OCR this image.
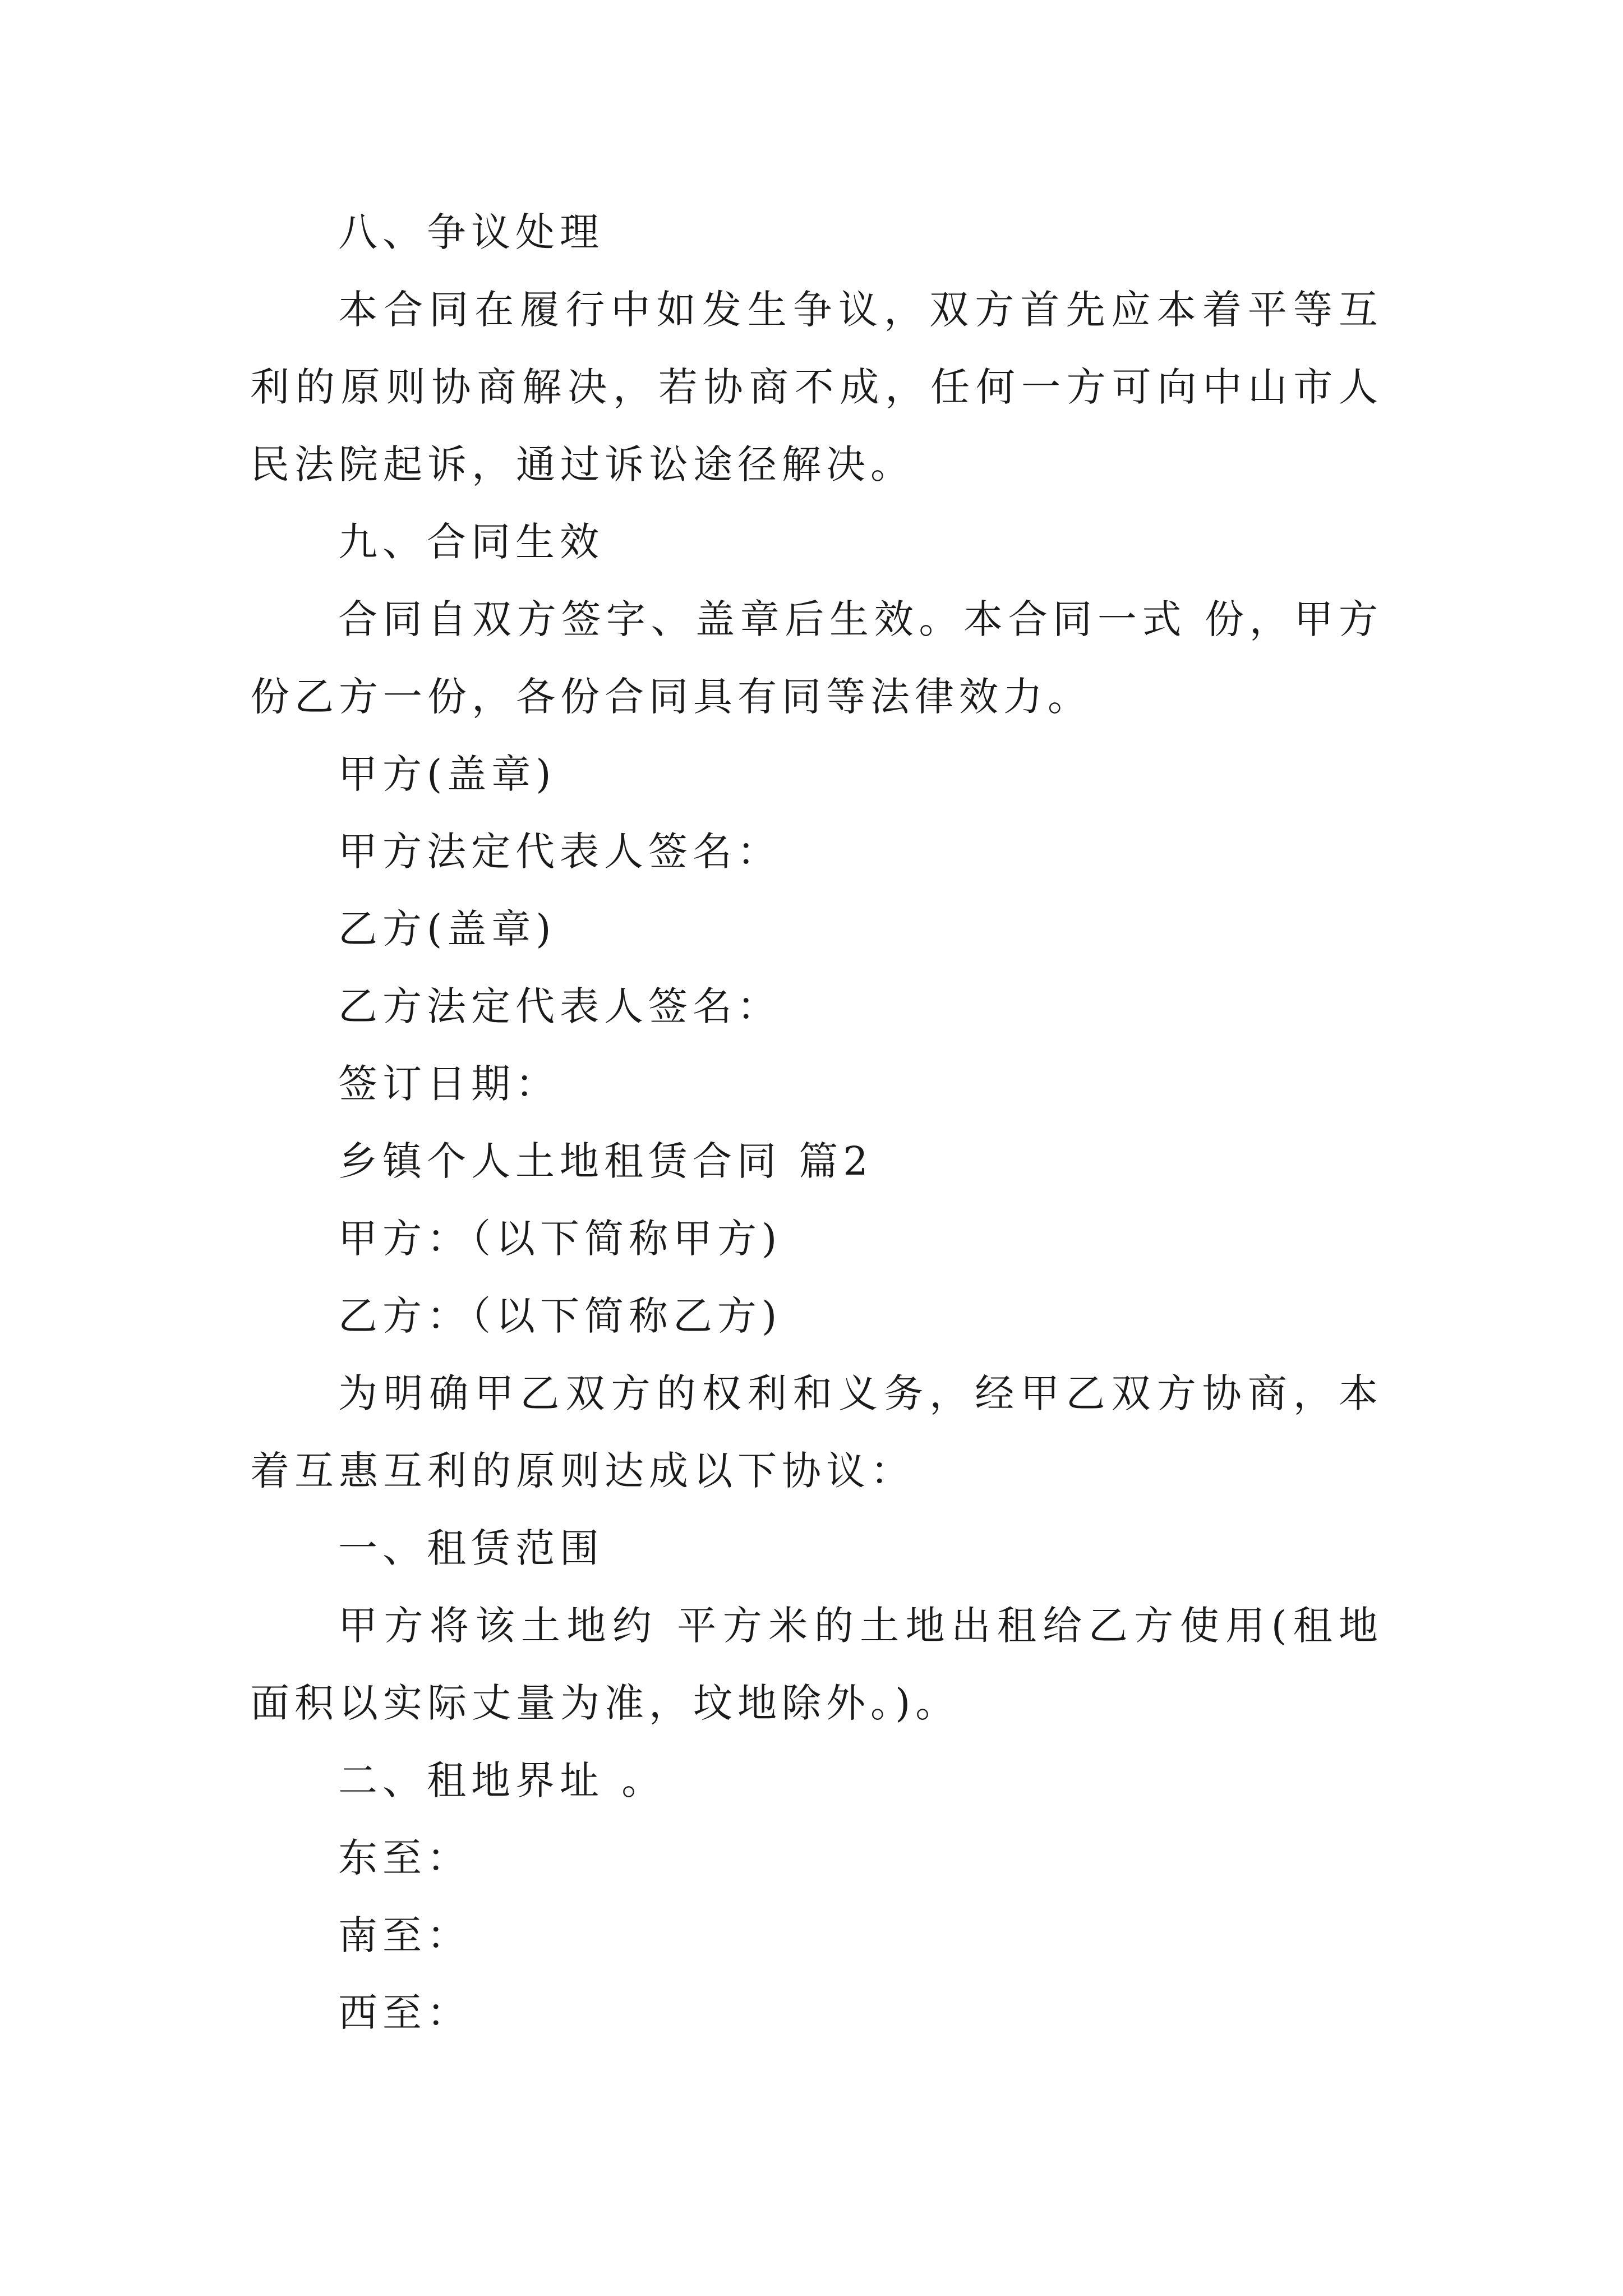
八、争议处理

本合同在履行中如发生争议，双方首先应本着平等互利的原则协商解决，若协商不成，任何一方可向中山市人民法院起诉，通过诉讼途径解决。

九、合同生效

合同自双方签字、盖章后生效。本合同一式 份，甲方 份乙方一份，各份合同具有同等法律效力。

甲方(盖章)

甲方法定代表人签名：

乙方(盖章)

乙方法定代表人签名：

签订日期：

乡镇个人土地租赁合同 篇2

甲方：（以下简称甲方)

乙方：（以下简称乙方)

为明确甲乙双方的权利和义务，经甲乙双方协商，本着互惠互利的原则达成以下协议：

一、租赁范围

甲方将该土地约 平方米的土地出租给乙方使用(租地面积以实际丈量为准，坟地除外。)。

二、租地界址 。

东至：

南至：

西至：
